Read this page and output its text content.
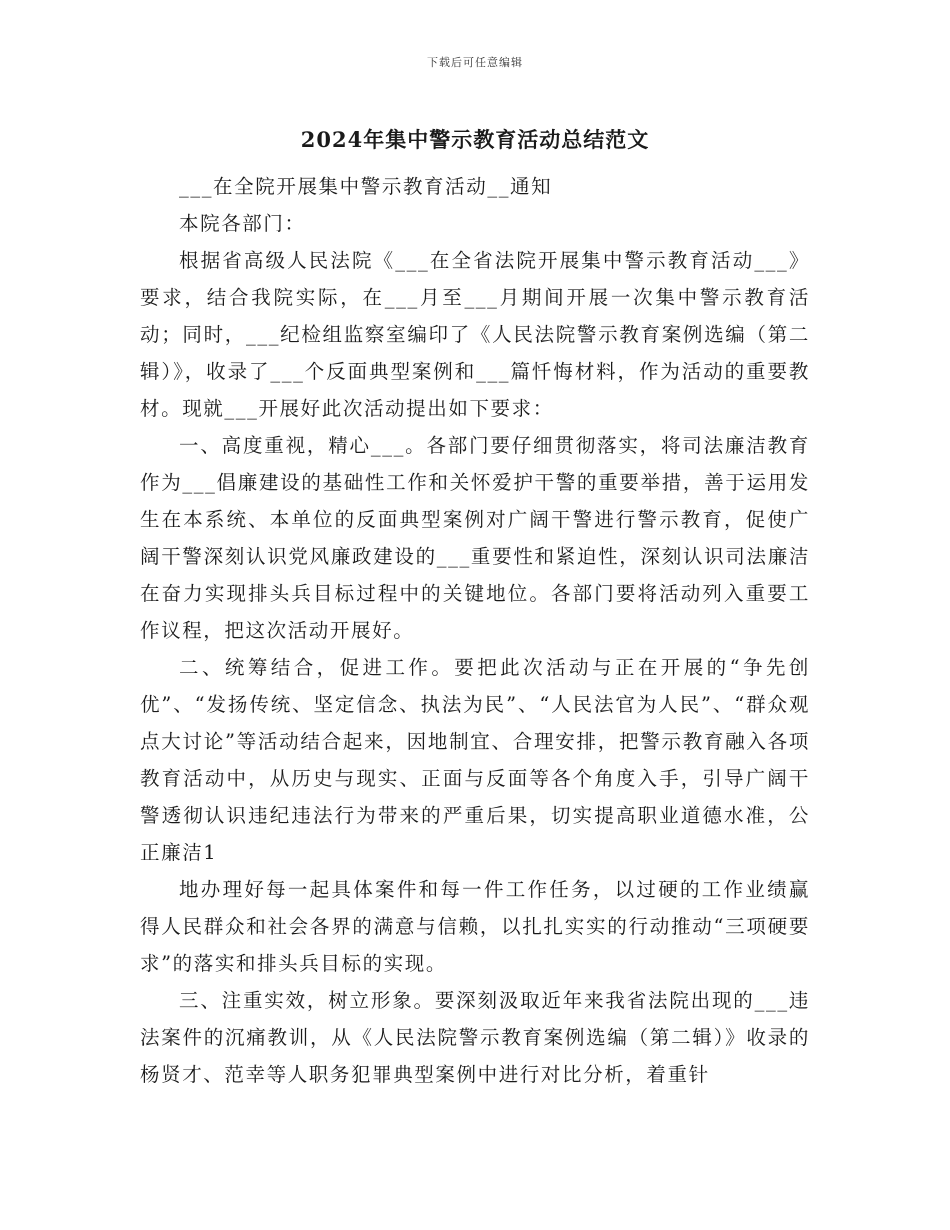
下载后可任意编辑
2024年集中警示教育活动总结范文

___在全院开展集中警示教育活动__通知

本院各部门：

根据省高级人民法院《___在全省法院开展集中警示教育活动___》要求，结合我院实际，在___月至___月期间开展一次集中警示教育活动；同时，___纪检组监察室编印了《人民法院警示教育案例选编（第二辑）》，收录了___个反面典型案例和___篇忏悔材料，作为活动的重要教材。现就___开展好此次活动提出如下要求：

一、高度重视，精心___。各部门要仔细贯彻落实，将司法廉洁教育作为___倡廉建设的基础性工作和关怀爱护干警的重要举措，善于运用发生在本系统、本单位的反面典型案例对广阔干警进行警示教育，促使广阔干警深刻认识党风廉政建设的___重要性和紧迫性，深刻认识司法廉洁在奋力实现排头兵目标过程中的关键地位。各部门要将活动列入重要工作议程，把这次活动开展好。

二、统筹结合，促进工作。要把此次活动与正在开展的“争先创优”、“发扬传统、坚定信念、执法为民”、“人民法官为人民”、“群众观点大讨论”等活动结合起来，因地制宜、合理安排，把警示教育融入各项教育活动中，从历史与现实、正面与反面等各个角度入手，引导广阔干警透彻认识违纪违法行为带来的严重后果，切实提高职业道德水准，公正廉洁1

地办理好每一起具体案件和每一件工作任务，以过硬的工作业绩赢得人民群众和社会各界的满意与信赖，以扎扎实实的行动推动“三项硬要求”的落实和排头兵目标的实现。

三、注重实效，树立形象。要深刻汲取近年来我省法院出现的___违法案件的沉痛教训，从《人民法院警示教育案例选编（第二辑）》收录的杨贤才、范幸等人职务犯罪典型案例中进行对比分析，着重针
